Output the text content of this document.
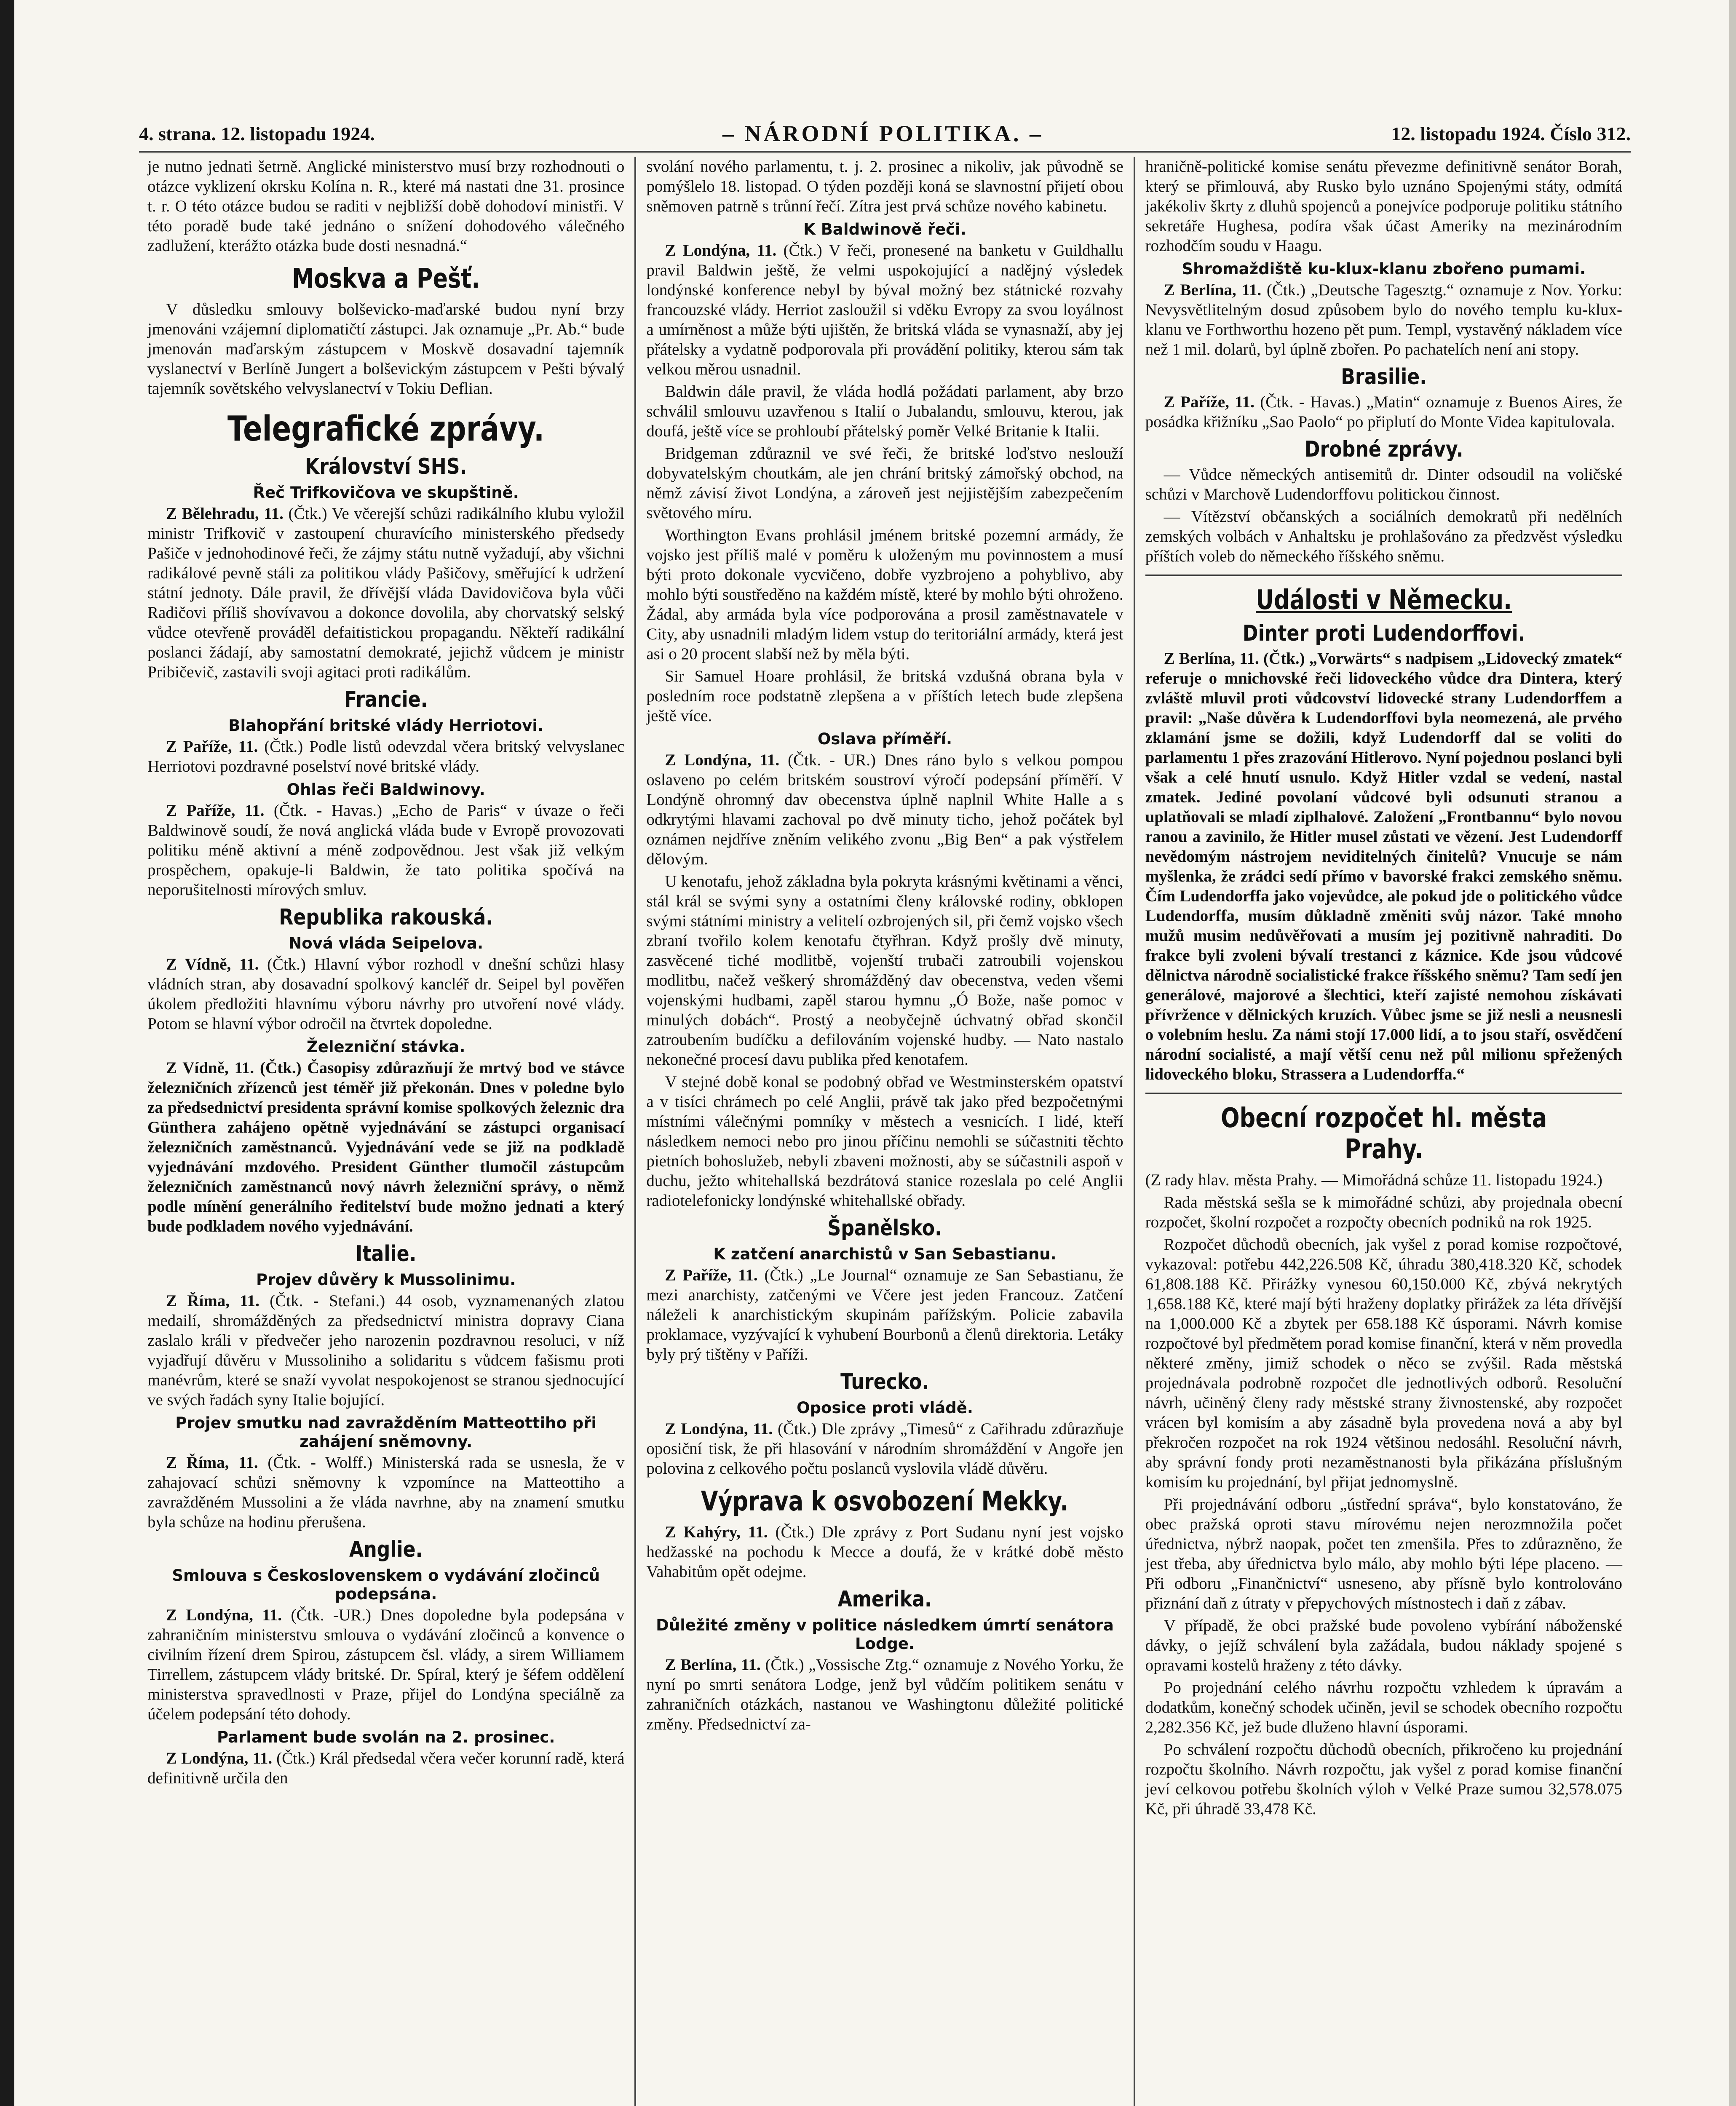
4. strana. 12. listopadu 1924.	– NÁRODNÍ POLITIKA. –	12. listopadu 1924. Číslo 312.

je nutno jednati šetrně. Anglické ministerstvo musí brzy rozhodnouti o otázce vyklizení okrsku Kolína n. R., které má nastati dne 31. prosince t. r. O této otázce budou se raditi v nejbližší době dohodoví ministři. V této poradě bude také jednáno o snížení dohodového válečného zadlužení, kterážto otázka bude dosti nesnadná.“

Moskva a Pešť.

V důsledku smlouvy bolševicko-maďarské budou nyní brzy jmenováni vzájemní diplomatičtí zástupci. Jak oznamuje „Pr. Ab.“ bude jmenován maďarským zástupcem v Moskvě dosavadní tajemník vyslanectví v Berlíně Jungert a bolševickým zástupcem v Pešti bývalý tajemník sovětského velvyslanectví v Tokiu Deflian.

Telegrafické zprávy.
Království SHS.
Řeč Trifkovičova ve skupštině.

Z Bělehradu, 11. (Čtk.) Ve včerejší schůzi radikálního klubu vyložil ministr Trifkovič v zastoupení churavícího ministerského předsedy Pašiče v jednohodinové řeči, že zájmy státu nutně vyžadují, aby všichni radikálové pevně stáli za politikou vlády Pašičovy, směřující k udržení státní jednoty. Dále pravil, že dřívější vláda Davidovičova byla vůči Radičovi příliš shovívavou a dokonce dovolila, aby chorvatský selský vůdce otevřeně prováděl defaitistickou propagandu. Někteří radikální poslanci žádají, aby samostatní demokraté, jejichž vůdcem je ministr Pribičevič, zastavili svoji agitaci proti radikálům.

Francie.
Blahopřání britské vlády Herriotovi.

Z Paříže, 11. (Čtk.) Podle listů odevzdal včera britský velvyslanec Herriotovi pozdravné poselství nové britské vlády.

Ohlas řeči Baldwinovy.

Z Paříže, 11. (Čtk. - Havas.) „Echo de Paris“ v úvaze o řeči Baldwinově soudí, že nová anglická vláda bude v Evropě provozovati politiku méně aktivní a méně zodpovědnou. Jest však již velkým prospěchem, opakuje-li Baldwin, že tato politika spočívá na neporušitelnosti mírových smluv.

Republika rakouská.
Nová vláda Seipelova.

Z Vídně, 11. (Čtk.) Hlavní výbor rozhodl v dnešní schůzi hlasy vládních stran, aby dosavadní spolkový kancléř dr. Seipel byl pověřen úkolem předložiti hlavnímu výboru návrhy pro utvoření nové vlády. Potom se hlavní výbor odročil na čtvrtek dopoledne.

Železniční stávka.

Z Vídně, 11. (Čtk.) Časopisy zdůrazňují že mrtvý bod ve stávce železničních zřízenců jest téměř již překonán. Dnes v poledne bylo za předsednictví presidenta správní komise spolkových železnic dra Günthera zahájeno opětně vyjednávání se zástupci organisací železničních zaměstnanců. Vyjednávání vede se již na podkladě vyjednávání mzdového. President Günther tlumočil zástupcům železničních zaměstnanců nový návrh železniční správy, o němž podle mínění generálního ředitelství bude možno jednati a který bude podkladem nového vyjednávání.

Italie.
Projev důvěry k Mussolinimu.

Z Říma, 11. (Čtk. - Stefani.) 44 osob, vyznamenaných zlatou medailí, shromážděných za předsednictví ministra dopravy Ciana zaslalo králi v předvečer jeho narozenin pozdravnou resoluci, v níž vyjadřují důvěru v Mussoliniho a solidaritu s vůdcem fašismu proti manévrům, které se snaží vyvolat nespokojenost se stranou sjednocující ve svých řadách syny Italie bojující.

Projev smutku nad zavražděním Matteottiho při zahájení sněmovny.

Z Říma, 11. (Čtk. - Wolff.) Ministerská rada se usnesla, že v zahajovací schůzi sněmovny k vzpomínce na Matteottiho a zavražděném Mussolini a že vláda navrhne, aby na znamení smutku byla schůze na hodinu přerušena.

Anglie.
Smlouva s Československem o vydávání zločinců podepsána.

Z Londýna, 11. (Čtk. -UR.) Dnes dopoledne byla podepsána v zahraničním ministerstvu smlouva o vydávání zločinců a konvence o civilním řízení drem Spirou, zástupcem čsl. vlády, a sirem Williamem Tirrellem, zástupcem vlády britské. Dr. Spíral, který je šéfem oddělení ministerstva spravedlnosti v Praze, přijel do Londýna speciálně za účelem podepsání této dohody.

Parlament bude svolán na 2. prosinec.

Z Londýna, 11. (Čtk.) Král předsedal včera večer korunní radě, která definitivně určila den

svolání nového parlamentu, t. j. 2. prosinec a nikoliv, jak původně se pomýšlelo 18. listopad. O týden později koná se slavnostní přijetí obou sněmoven patrně s trůnní řečí. Zítra jest prvá schůze nového kabinetu.

K Baldwinově řeči.

Z Londýna, 11. (Čtk.) V řeči, pronesené na banketu v Guildhallu pravil Baldwin ještě, že velmi uspokojující a nadějný výsledek londýnské konference nebyl by býval možný bez státnické rozvahy francouzské vlády. Herriot zasloužil si vděku Evropy za svou loyálnost a umírněnost a může býti ujištěn, že britská vláda se vynasnaží, aby jej přátelsky a vydatně podporovala při provádění politiky, kterou sám tak velkou měrou usnadnil.

Baldwin dále pravil, že vláda hodlá požádati parlament, aby brzo schválil smlouvu uzavřenou s Italií o Jubalandu, smlouvu, kterou, jak doufá, ještě více se prohloubí přátelský poměr Velké Britanie k Italii.

Bridgeman zdůraznil ve své řeči, že britské loďstvo neslouží dobyvatelským choutkám, ale jen chrání britský zámořský obchod, na němž závisí život Londýna, a zároveň jest nejjistějším zabezpečením světového míru.

Worthington Evans prohlásil jménem britské pozemní armády, že vojsko jest příliš malé v poměru k uloženým mu povinnostem a musí býti proto dokonale vycvičeno, dobře vyzbrojeno a pohyblivo, aby mohlo býti soustředěno na každém místě, které by mohlo býti ohroženo. Žádal, aby armáda byla více podporována a prosil zaměstnavatele v City, aby usnadnili mladým lidem vstup do teritoriální armády, která jest asi o 20 procent slabší než by měla býti.

Sir Samuel Hoare prohlásil, že britská vzdušná obrana byla v posledním roce podstatně zlepšena a v příštích letech bude zlepšena ještě více.

Oslava příměří.

Z Londýna, 11. (Čtk. - UR.) Dnes ráno bylo s velkou pompou oslaveno po celém britském soustroví výročí podepsání příměří. V Londýně ohromný dav obecenstva úplně naplnil White Halle a s odkrytými hlavami zachoval po dvě minuty ticho, jehož počátek byl oznámen nejdříve zněním velikého zvonu „Big Ben“ a pak výstřelem dělovým.

U kenotafu, jehož základna byla pokryta krásnými květinami a věnci, stál král se svými syny a ostatními členy královské rodiny, obklopen svými státními ministry a velitelí ozbrojených sil, při čemž vojsko všech zbraní tvořilo kolem kenotafu čtyřhran. Když prošly dvě minuty, zasvěcené tiché modlitbě, vojenští trubači zatroubili vojenskou modlitbu, načež veškerý shromážděný dav obecenstva, veden všemi vojenskými hudbami, zapěl starou hymnu „Ó Bože, naše pomoc v minulých dobách“. Prostý a neobyčejně úchvatný obřad skončil zatroubením budíčku a defilováním vojenské hudby. — Nato nastalo nekonečné procesí davu publika před kenotafem.

V stejné době konal se podobný obřad ve Westminsterském opatství a v tisíci chrámech po celé Anglii, právě tak jako před bezpočetnými místními válečnými pomníky v městech a vesnicích. I lidé, kteří následkem nemoci nebo pro jinou příčinu nemohli se súčastniti těchto pietních bohoslužeb, nebyli zbaveni možnosti, aby se súčastnili aspoň v duchu, ježto whitehallská bezdrátová stanice rozeslala po celé Anglii radiotelefonicky londýnské whitehallské obřady.

Španělsko.
K zatčení anarchistů v San Sebastianu.

Z Paříže, 11. (Čtk.) „Le Journal“ oznamuje ze San Sebastianu, že mezi anarchisty, zatčenými ve Včere jest jeden Francouz. Zatčení náleželi k anarchistickým skupinám pařížským. Policie zabavila proklamace, vyzývající k vyhubení Bourbonů a členů direktoria. Letáky byly prý tištěny v Paříži.

Turecko.
Oposice proti vládě.

Z Londýna, 11. (Čtk.) Dle zprávy „Timesů“ z Cařihradu zdůrazňuje oposiční tisk, že při hlasování v národním shromáždění v Angoře jen polovina z celkového počtu poslanců vyslovila vládě důvěru.

Výprava k osvobození Mekky.

Z Kahýry, 11. (Čtk.) Dle zprávy z Port Sudanu nyní jest vojsko hedžasské na pochodu k Mecce a doufá, že v krátké době město Vahabitům opět odejme.

Amerika.
Důležité změny v politice následkem úmrtí senátora Lodge.

Z Berlína, 11. (Čtk.) „Vossische Ztg.“ oznamuje z Nového Yorku, že nyní po smrti senátora Lodge, jenž byl vůdčím politikem senátu v zahraničních otázkách, nastanou ve Washingtonu důležité politické změny. Předsednictví za-

hraničně-politické komise senátu převezme definitivně senátor Borah, který se přimlouvá, aby Rusko bylo uznáno Spojenými státy, odmítá jakékoliv škrty z dluhů spojenců a ponejvíce podporuje politiku státního sekretáře Hughesa, podíra však účast Ameriky na mezinárodním rozhodčím soudu v Haagu.

Shromaždiště ku-klux-klanu zbořeno pumami.

Z Berlína, 11. (Čtk.) „Deutsche Tagesztg.“ oznamuje z Nov. Yorku: Nevysvětlitelným dosud způsobem bylo do nového templu ku-klux-klanu ve Forthworthu hozeno pět pum. Templ, vystavěný nákladem více než 1 mil. dolarů, byl úplně zbořen. Po pachatelích není ani stopy.

Brasilie.

Z Paříže, 11. (Čtk. - Havas.) „Matin“ oznamuje z Buenos Aires, že posádka křižníku „Sao Paolo“ po připlutí do Monte Videa kapitulovala.

Drobné zprávy.

— Vůdce německých antisemitů dr. Dinter odsoudil na voličské schůzi v Marchově Ludendorffovu politickou činnost.

— Vítězství občanských a sociálních demokratů při nedělních zemských volbách v Anhaltsku je prohlašováno za předzvěst výsledku příštích voleb do německého říšského sněmu.

Události v Německu.
Dinter proti Ludendorffovi.

Z Berlína, 11. (Čtk.) „Vorwärts“ s nadpisem „Lidovecký zmatek“ referuje o mnichovské řeči lidoveckého vůdce dra Dintera, který zvláště mluvil proti vůdcovství lidovecké strany Ludendorffem a pravil: „Naše důvěra k Ludendorffovi byla neomezená, ale prvého zklamání jsme se dožili, když Ludendorff dal se voliti do parlamentu 1 přes zrazování Hitlerovo. Nyní pojednou poslanci byli však a celé hnutí usnulo. Když Hitler vzdal se vedení, nastal zmatek. Jediné povolaní vůdcové byli odsunuti stranou a uplatňovali se mladí ziplhalové. Založení „Frontbannu“ bylo novou ranou a zavinilo, že Hitler musel zůstati ve vězení. Jest Ludendorff nevědomým nástrojem neviditelných činitelů? Vnucuje se nám myšlenka, že zrádci sedí přímo v bavorské frakci zemského sněmu. Čím Ludendorffa jako vojevůdce, ale pokud jde o politického vůdce Ludendorffa, musím důkladně změniti svůj názor. Také mnoho mužů musim nedůvěřovati a musím jej pozitivně nahraditi. Do frakce byli zvoleni bývalí trestanci z káznice. Kde jsou vůdcové dělnictva národně socialistické frakce říšského sněmu? Tam sedí jen generálové, majorové a šlechtici, kteří zajisté nemohou získávati přívržence v dělnických kruzích. Vůbec jsme se již nesli a neusnesli o volebním heslu. Za námi stojí 17.000 lidí, a to jsou staří, osvědčení národní socialisté, a mají větší cenu než půl milionu spřežených lidoveckého bloku, Strassera a Ludendorffa.“

Obecní rozpočet hl. města Prahy.

(Z rady hlav. města Prahy. — Mimořádná schůze 11. listopadu 1924.)

Rada městská sešla se k mimořádné schůzi, aby projednala obecní rozpočet, školní rozpočet a rozpočty obecních podniků na rok 1925.

Rozpočet důchodů obecních, jak vyšel z porad komise rozpočtové, vykazoval: potřebu 442,226.508 Kč, úhradu 380,418.320 Kč, schodek 61,808.188 Kč. Přirážky vynesou 60,150.000 Kč, zbývá nekrytých 1,658.188 Kč, které mají býti hraženy doplatky přirážek za léta dřívější na 1,000.000 Kč a zbytek per 658.188 Kč úsporami. Návrh komise rozpočtové byl předmětem porad komise finanční, která v něm provedla některé změny, jimiž schodek o něco se zvýšil. Rada městská projednávala podrobně rozpočet dle jednotlivých odborů. Resoluční návrh, učiněný členy rady městské strany živnostenské, aby rozpočet vrácen byl komisím a aby zásadně byla provedena nová a aby byl překročen rozpočet na rok 1924 většinou nedosáhl. Resoluční návrh, aby správní fondy proti nezaměstnanosti byla přikázána příslušným komisím ku projednání, byl přijat jednomyslně.

Při projednávání odboru „ústřední správa“, bylo konstatováno, že obec pražská oproti stavu mírovému nejen nerozmnožila počet úřednictva, nýbrž naopak, počet ten zmenšila. Přes to zdůrazněno, že jest třeba, aby úřednictva bylo málo, aby mohlo býti lépe placeno. — Při odboru „Finančnictví“ usneseno, aby přísně bylo kontrolováno přiznání daň z útraty v přepychových místnostech i daň z zábav.

V případě, že obci pražské bude povoleno vybírání náboženské dávky, o jejíž schválení byla zažádala, budou náklady spojené s opravami kostelů hraženy z této dávky.

Po projednání celého návrhu rozpočtu vzhledem k úpravám a dodatkům, konečný schodek učiněn, jevil se schodek obecního rozpočtu 2,282.356 Kč, jež bude dluženo hlavní úsporami.

Po schválení rozpočtu důchodů obecních, přikročeno ku projednání rozpočtu školního. Návrh rozpočtu, jak vyšel z porad komise finanční jeví celkovou potřebu školních výloh v Velké Praze sumou 32,578.075 Kč, při úhradě 33,478 Kč.
